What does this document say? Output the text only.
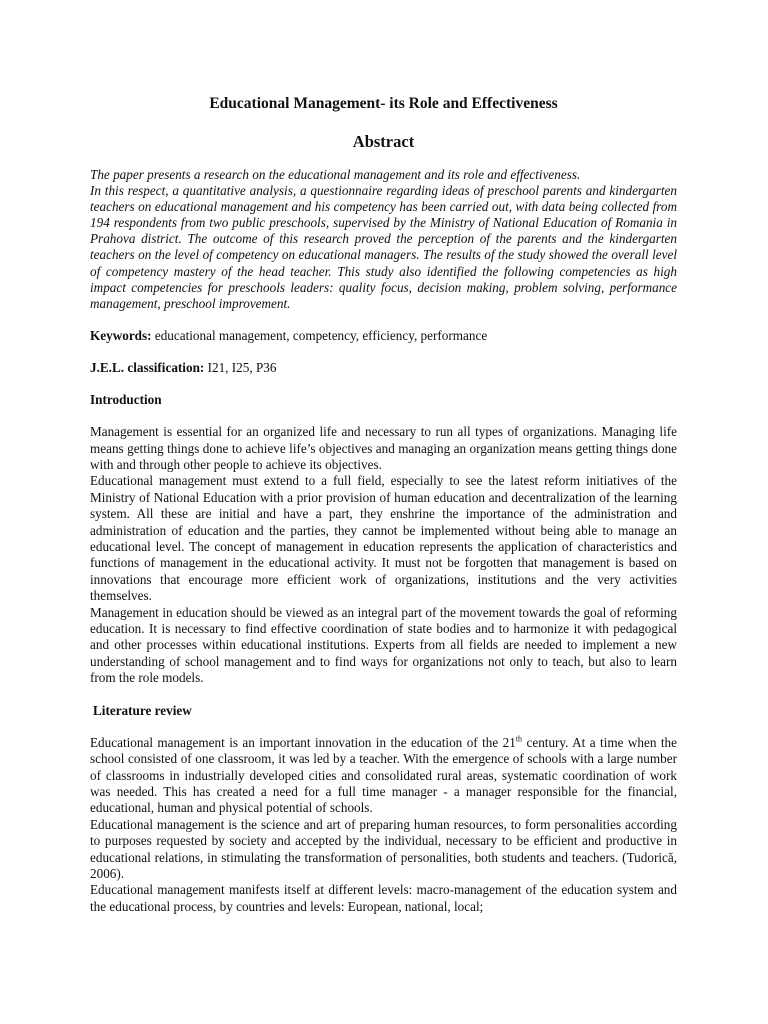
Educational Management- its Role and Effectiveness
Abstract

The paper presents a research on the educational management and its role and effectiveness.

In this respect, a quantitative analysis, a questionnaire regarding ideas of preschool parents and kindergarten teachers on educational management and his competency has been carried out, with data being collected from 194 respondents from two public preschools, supervised by the Ministry of National Education of Romania in Prahova district. The outcome of this research proved the perception of the parents and the kindergarten teachers on the level of competency on educational managers. The results of the study showed the overall level of competency mastery of the head teacher. This study also identified the following competencies as high impact competencies for preschools leaders: quality focus, decision making, problem solving, performance management, preschool improvement.

Keywords: educational management, competency, efficiency, performance
J.E.L. classification: I21, I25, P36
Introduction

Management is essential for an organized life and necessary to run all types of organizations. Managing life means getting things done to achieve life’s objectives and managing an organization means getting things done with and through other people to achieve its objectives.

Educational management must extend to a full field, especially to see the latest reform initiatives of the Ministry of National Education with a prior provision of human education and decentralization of the learning system. All these are initial and have a part, they enshrine the importance of the administration and administration of education and the parties, they cannot be implemented without being able to manage an educational level. The concept of management in education represents the application of characteristics and functions of management in the educational activity. It must not be forgotten that management is based on innovations that encourage more efficient work of organizations, institutions and the very activities themselves.

Management in education should be viewed as an integral part of the movement towards the goal of reforming education. It is necessary to find effective coordination of state bodies and to harmonize it with pedagogical and other processes within educational institutions. Experts from all fields are needed to implement a new understanding of school management and to find ways for organizations not only to teach, but also to learn from the role models.

Literature review

Educational management is an important innovation in the education of the 21th century. At a time when the school consisted of one classroom, it was led by a teacher. With the emergence of schools with a large number of classrooms in industrially developed cities and consolidated rural areas, systematic coordination of work was needed. This has created a need for a full time manager - a manager responsible for the financial, educational, human and physical potential of schools.

Educational management is the science and art of preparing human resources, to form personalities according to purposes requested by society and accepted by the individual, necessary to be efficient and productive in educational relations, in stimulating the transformation of personalities, both students and teachers. (Tudorică, 2006).

Educational management manifests itself at different levels: macro-management of the education system and the educational process, by countries and levels: European, national, local;
